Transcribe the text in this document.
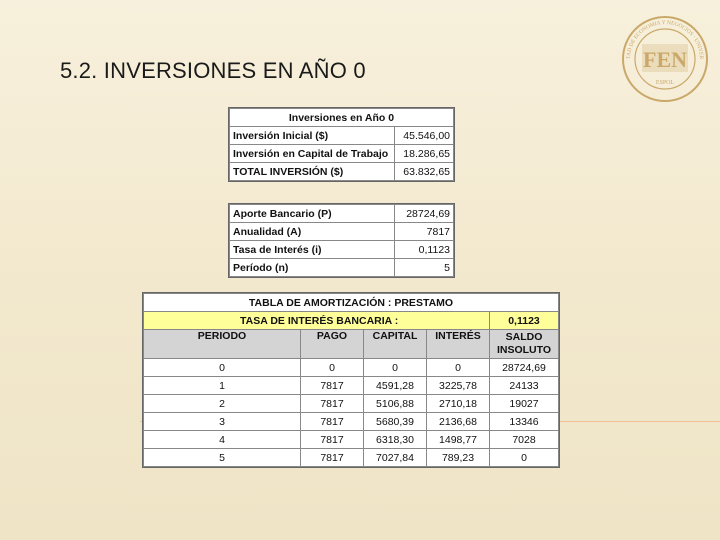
5.2. INVERSIONES EN AÑO 0
TAD DE ECONOMIA Y NEGOCIOS · UNIVER
FEN
ESPOL
Inversiones en Año 0	
Inversión Inicial ($)	45.546,00
Inversión en Capital de Trabajo	18.286,65
TOTAL INVERSIÓN ($)	63.832,65
Aporte Bancario (P)	28724,69
Anualidad (A)	7817
Tasa de Interés (i)	0,1123
Período (n)	5
TABLA DE AMORTIZACIÓN : PRESTAMO				
TASA DE INTERÉS BANCARIA :				0,1123
PERIODO	PAGO	CAPITAL	INTERÉS	SALDO INSOLUTO
0	0	0	0	28724,69
1	7817	4591,28	3225,78	24133
2	7817	5106,88	2710,18	19027
3	7817	5680,39	2136,68	13346
4	7817	6318,30	1498,77	7028
5	7817	7027,84	789,23	0
